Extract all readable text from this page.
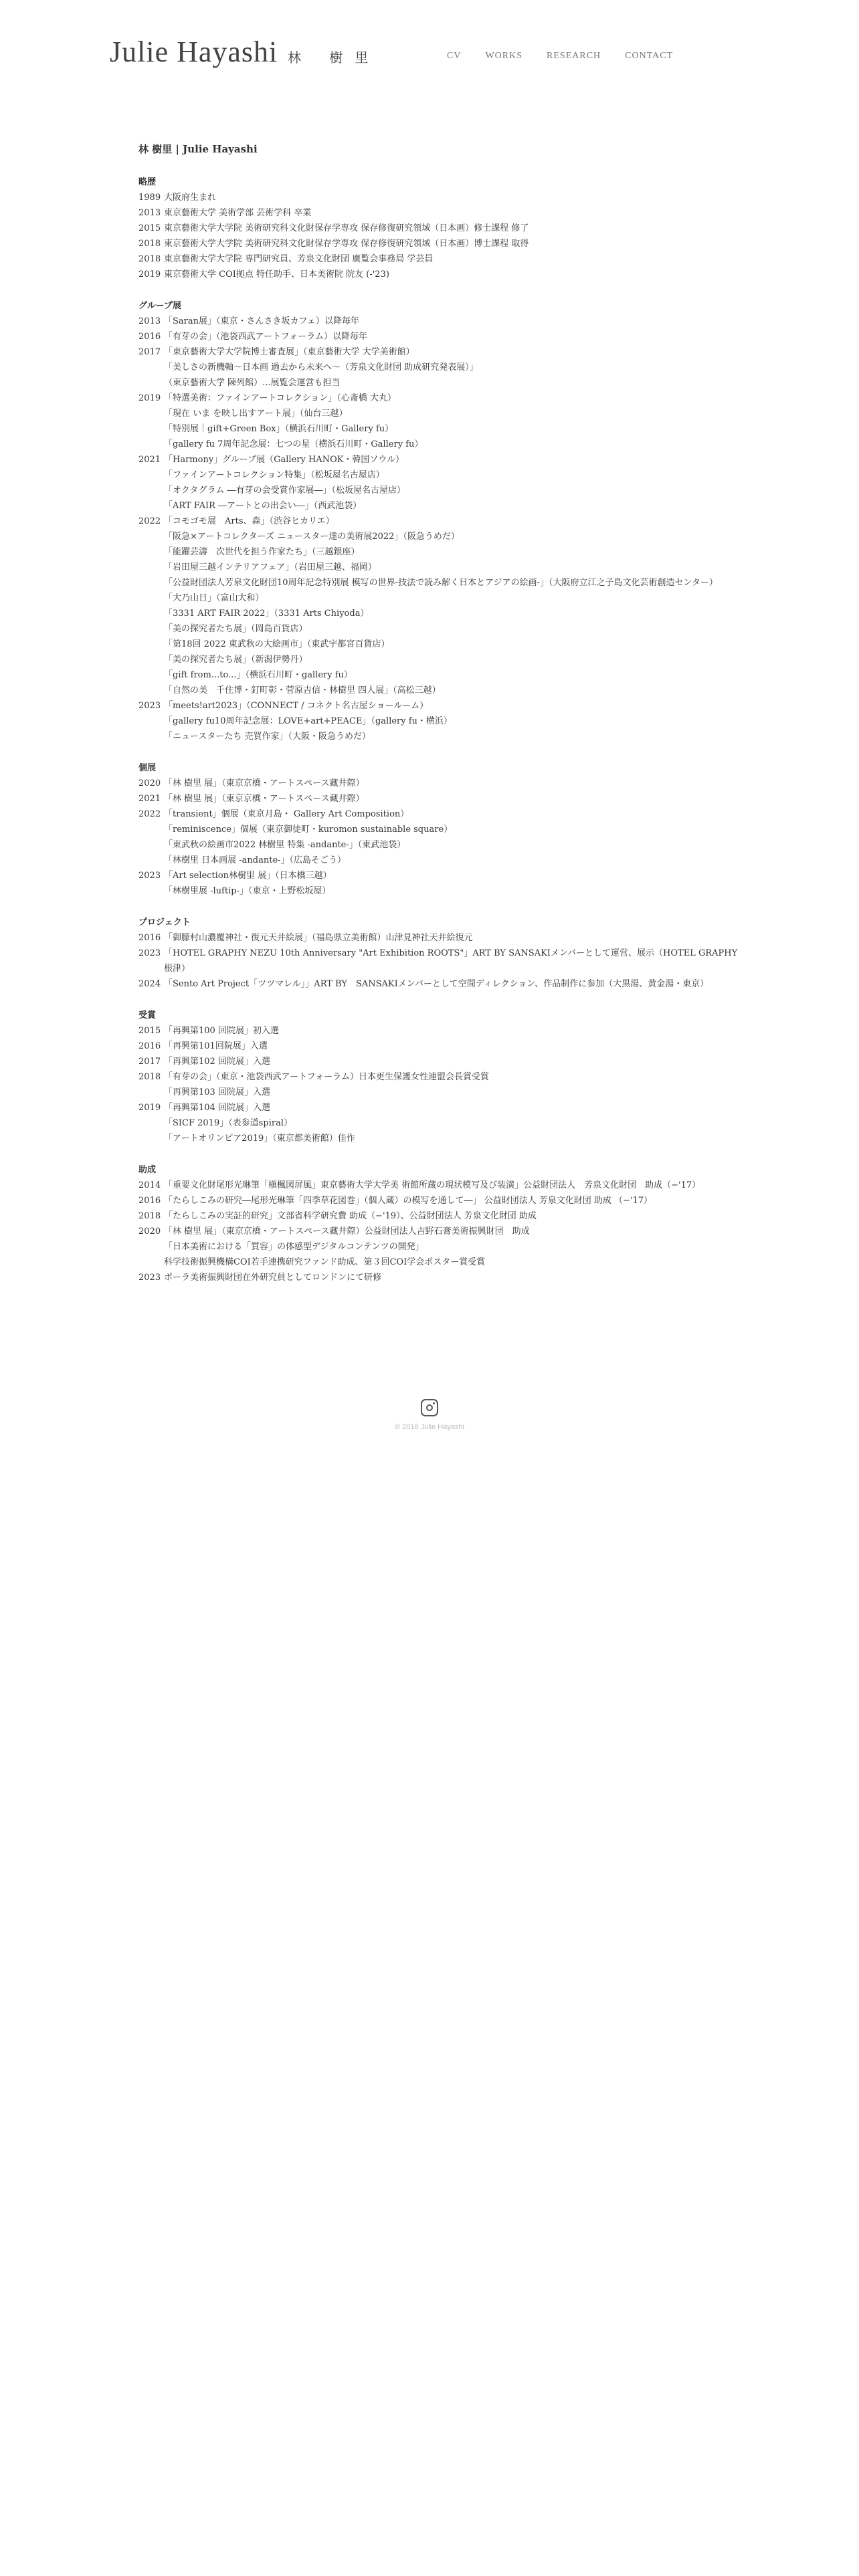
Julie Hayashi 林 樹里	CV	WORKS	RESEARCH	CONTACT
林 樹里 | Julie Hayashi
略歴
1989 大阪府生まれ
2013 東京藝術大学 美術学部 芸術学科 卒業
2015 東京藝術大学大学院 美術研究科文化財保存学専攻 保存修復研究領域（日本画）修士課程 修了
2018 東京藝術大学大学院 美術研究科文化財保存学専攻 保存修復研究領域（日本画）博士課程 取得
2018 東京藝術大学大学院 専門研究員、芳泉文化財団 廣覧会事務局 学芸員
2019 東京藝術大学 COI拠点 特任助手、日本美術院 院友 (-'23)
グループ展
2013 「Saran展」（東京・さんさき坂カフェ）以降毎年
2016 「有芽の会」（池袋西武アートフォーラム）以降毎年
2017 「東京藝術大学大学院博士審査展」（東京藝術大学 大学美術館）
「美しさの新機軸〜日本画 過去から未来へ〜（芳泉文化財団 助成研究発表展）」
（東京藝術大学 陳列館）...展覧会運営も担当
2019 「特選美術：ファインアートコレクション」（心斎橋 大丸）
「現在 いま を映し出すアート展」（仙台三越）
「特別展｜gift+Green Box」（横浜石川町・Gallery fu）
「gallery fu 7周年記念展：七つの星（横浜石川町・Gallery fu）
2021 「Harmony」グループ展（Gallery HANOK・韓国ソウル）
「ファインアートコレクション特集」（松坂屋名古屋店）
「オクタグラム ―有芽の会受賞作家展―」（松坂屋名古屋店）
「ART FAIR ―アートとの出会い―」（西武池袋）
2022 「コモゴモ展　Arts、森」（渋谷ヒカリエ）
「阪急×アートコレクターズ ニュースター達の美術展2022」（阪急うめだ）
「能躍芸濤　次世代を担う作家たち」（三越銀座）
「岩田屋三越インテリアフェア」（岩田屋三越、福岡）
「公益財団法人芳泉文化財団10周年記念特別展 模写の世界-技法で読み解く日本とアジアの絵画-」（大阪府立江之子島文化芸術創造センター）
「大乃山日」（富山大和）
「3331 ART FAIR 2022」（3331 Arts Chiyoda）
「美の探究者たち展」（岡島百貨店）
「第18回 2022 東武秋の大絵画市」（東武宇都宮百貨店）
「美の探究者たち展」（新潟伊勢丹）
「gift from...to...」（横浜石川町・gallery fu）
「自然の美　千住博・釘町彰・菅原吉信・林樹里 四人展」（高松三越）
2023 「meets!art2023」（CONNECT / コネクト名古屋ショールーム）
「gallery fu10周年記念展：LOVE+art+PEACE」（gallery fu・横浜）
「ニュースターたち 売買作家」（大阪・阪急うめだ）
個展
2020 「林 樹里 展」（東京京橋・アートスペース藏井際）
2021 「林 樹里 展」（東京京橋・アートスペース藏井際）
2022 「transient」個展（東京月島・ Gallery Art Composition）
「reminiscence」個展（東京御徒町・kuromon sustainable square）
「東武秋の絵画市2022 林樹里 特集 -andante-」（東武池袋）
「林樹里 日本画展 -andante-」（広島そごう）
2023 「Art selection林樹里 展」（日本橋三越）
「林樹里展 -luftip-」（東京・上野松坂屋）
プロジェクト
2016 「御朦村山濃覆神社・復元天井絵展」（福島県立美術館）山津見神社天井絵復元
2023 「HOTEL GRAPHY NEZU 10th Anniversary "Art Exhibition ROOTS"」ART BY SANSAKIメンバーとして運営、展示（HOTEL GRAPHY 根津）
2024 「Sento Art Project「ツツマレル」」ART BY　SANSAKIメンバーとして空間ディレクション、作品制作に参加（大黒湯、黄金湯・東京）
受賞
2015 「再興第100 回院展」初入選
2016 「再興第101回院展」入選
2017 「再興第102 回院展」入選
2018 「有芽の会」（東京・池袋西武アートフォーラム）日本更生保護女性連盟会長賞受賞
「再興第103 回院展」入選
2019 「再興第104 回院展」入選
「SICF 2019」（表参道spiral）
「アートオリンピア2019」（東京都美術館）佳作
助成
2014 「重要文化財尾形光琳筆「槇楓図屏風」東京藝術大学大学美 術館所蔵の現状模写及び装潢」公益財団法人　芳泉文化財団　助成（−'17）
2016 「たらしこみの研究―尾形光琳筆「四季草花図巻」（個人蔵）の模写を通して―」 公益財団法人 芳泉文化財団 助成 （−'17）
2018 「たらしこみの実証的研究」文部省科学研究費 助成（−'19）、公益財団法人 芳泉文化財団 助成
2020 「林 樹里 展」（東京京橋・アートスペース藏井際）公益財団法人吉野石膏美術振興財団　助成
「日本美術における「質容」の体感型デジタルコンテンツの開発」
科学技術振興機構COI若手連携研究ファンド助成、第３回COI学会ポスター賞受賞
2023 ポーラ美術振興財団在外研究員としてロンドンにて研修
© 2018 Julie Hayashi
